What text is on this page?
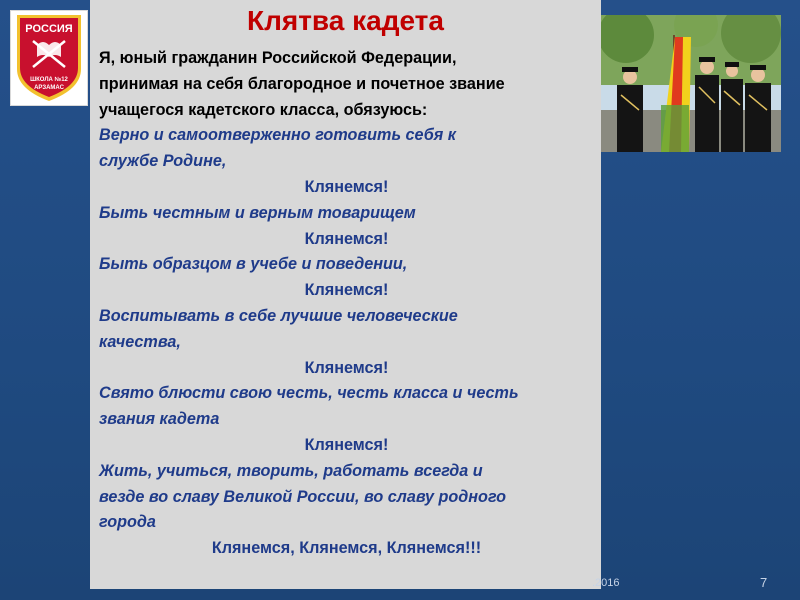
РОССИЯ
ШКОЛА №12
АРЗАМАС
Клятва кадета

Я, юный гражданин Российской Федерации,

принимая на себя благородное и почетное звание

учащегося кадетского класса, обязуюсь:

Верно и самоотверженно готовить себя к

службе Родине,

Клянемся!

Быть честным и верным товарищем

Клянемся!

Быть образцом в учебе и поведении,

Клянемся!

Воспитывать в себе лучшие человеческие

качества,

Клянемся!

Свято блюсти свою честь, честь класса и честь

звания кадета

Клянемся!

Жить, учиться, творить, работать всегда и

везде во славу Великой России, во славу родного

города

Клянемся, Клянемся, Клянемся!!!

.2016	7
